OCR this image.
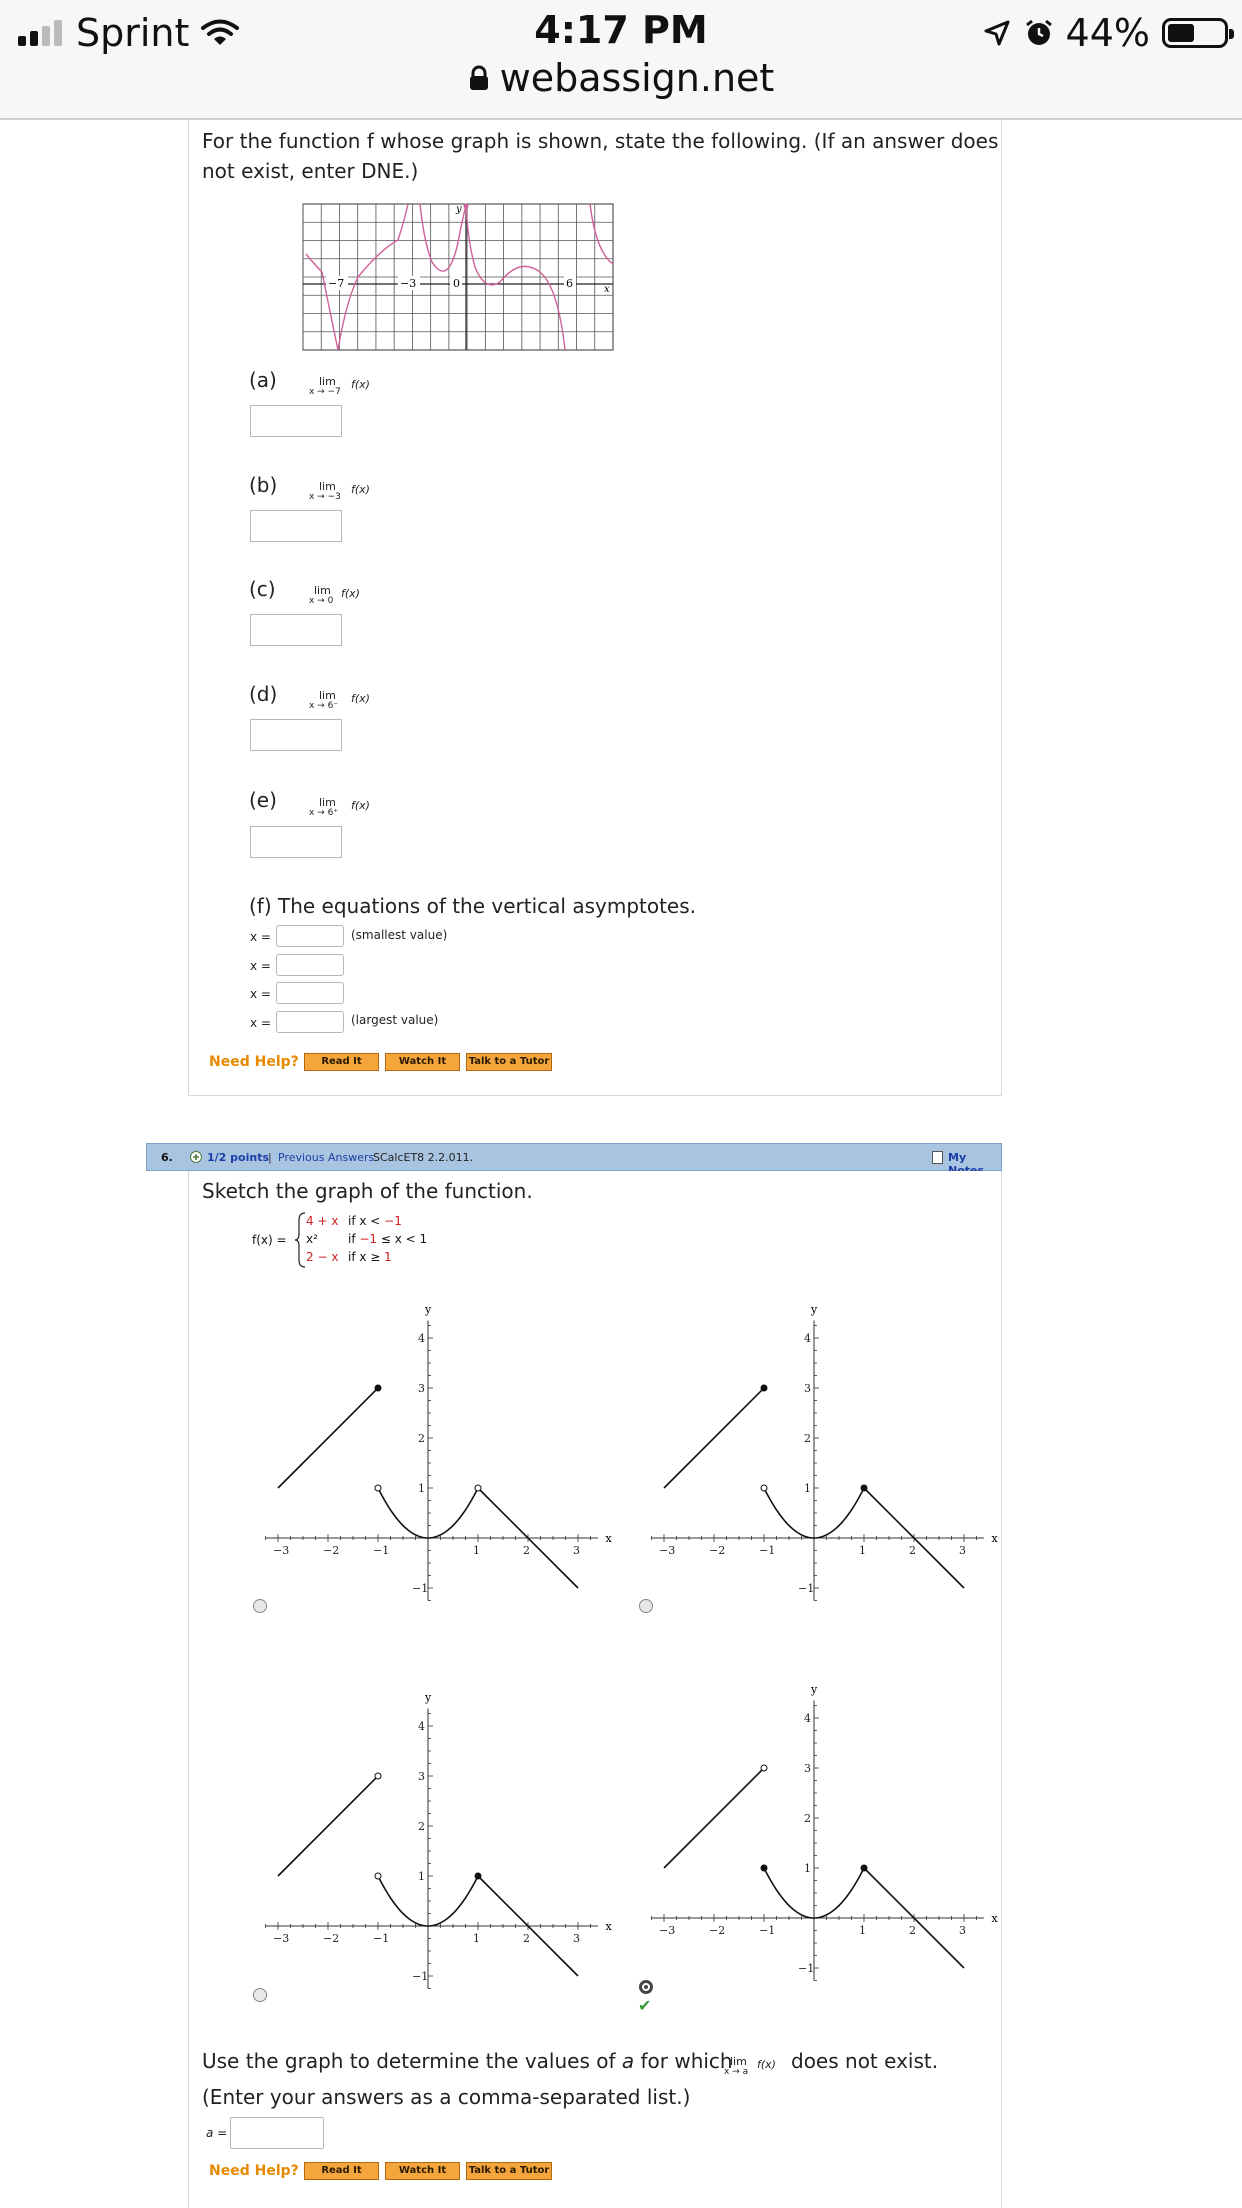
Sprint	4:17 PM	44%
webassign.net
For the function f whose graph is shown, state the following. (If an answer does
not exist, enter DNE.)
−7	−3	0	6
y
x
(a)	lim
x → −7
f(x)
(b)	lim
x → −3
f(x)
(c)	lim
x → 0
f(x)
(d)	lim
x → 6⁻
f(x)
(e)	lim
x → 6⁺
f(x)
(f) The equations of the vertical asymptotes.
x =	(smallest value)
x =
x =
x =	(largest value)
Need Help?	Read It	Watch It	Talk to a Tutor
6.	1/2 points | Previous Answers
SCalcET8 2.2.011.	My
Sketch the graph of the function.
f(x) =
4 + x if x < −1
x²	if −1 ≤ x < 1
2 − x if x ≥ 1
−3	−2	−1	1	2	3
4
3
2
1
−1
y
x
−3	−2	−1	1	2	3
4
3
2
1
−1
y
x
−3	−2	−1	1	2	3
4
3
2
1
−1
y
x	−3	−2	−1	1	2	3
4
3
2
1
−1
y
x
✔
Use the graph to determine the values of a for which
lim
x → a
f(x) does not exist.
(Enter your answers as a comma-separated list.)
a =
Need Help?	Read It	Watch It	Talk to a Tutor
